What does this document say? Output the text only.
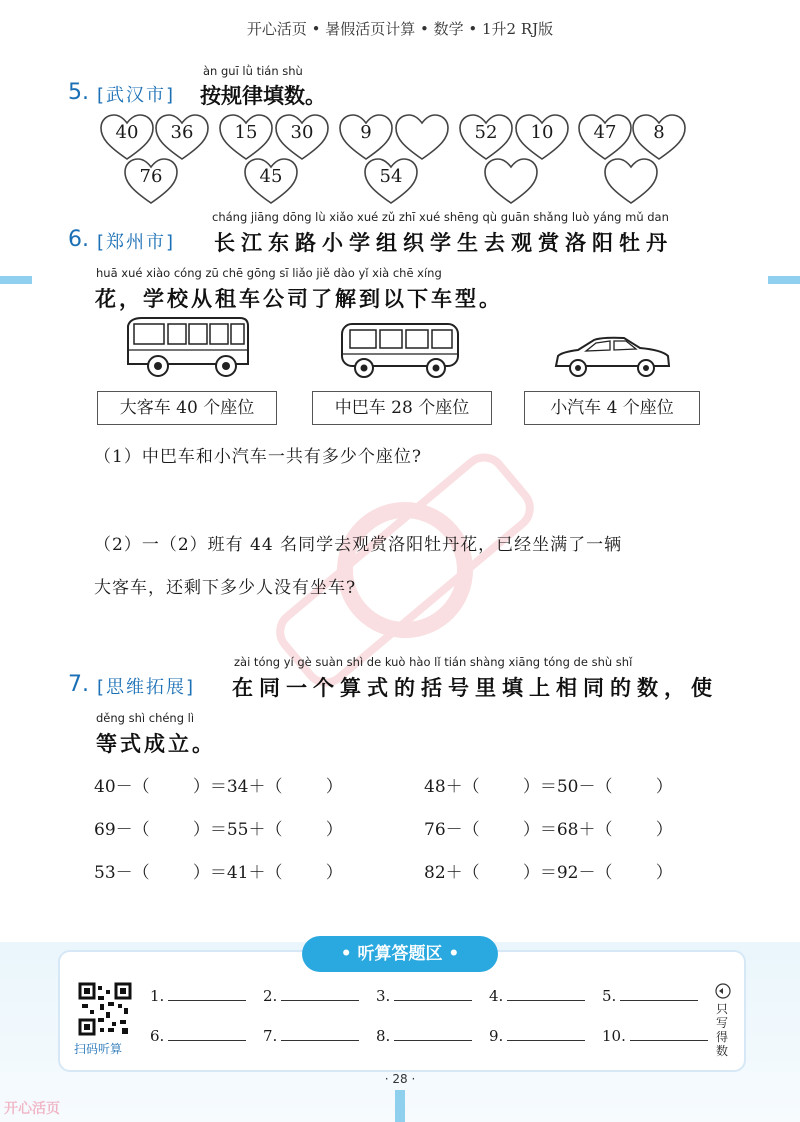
开心活页 • 暑假活页计算 • 数学 • 1升2 RJ版
5. [武汉市]
àn guī lǜ tián shù
按规律填数。
40	36	15	30	9	52	10	47	8
76	45	54
6. [郑州市]
cháng jiāng dōng lù xiǎo xué zǔ zhī xué shēng qù guān shǎng luò yáng mǔ dan
长江东路小学组织学生去观赏洛阳牡丹
huā xué xiào cóng zū chē gōng sī liǎo jiě dào yǐ xià chē xíng
花，学校从租车公司了解到以下车型。
大客车 40 个座位	中巴车 28 个座位	小汽车 4 个座位
（1）中巴车和小汽车一共有多少个座位?
（2）一（2）班有 44 名同学去观赏洛阳牡丹花，已经坐满了一辆
大客车，还剩下多少人没有坐车?
7. [思维拓展]
zài tóng yí gè suàn shì de kuò hào lǐ tián shàng xiāng tóng de shù shǐ
在同一个算式的括号里填上相同的数，使
děng shì chéng lì
等式成立。
40－（        ）＝34＋（        ）	48＋（        ）＝50－（        ）
69－（        ）＝55＋（        ）	76－（        ）＝68＋（        ）
53－（        ）＝41＋（        ）	82＋（        ）＝92－（        ）
• 听算答题区 •
扫码听算
1.	2.	3.	4.	5.
6.	7.	8.	9.	10.
只写得数
· 28 ·
开心活页
